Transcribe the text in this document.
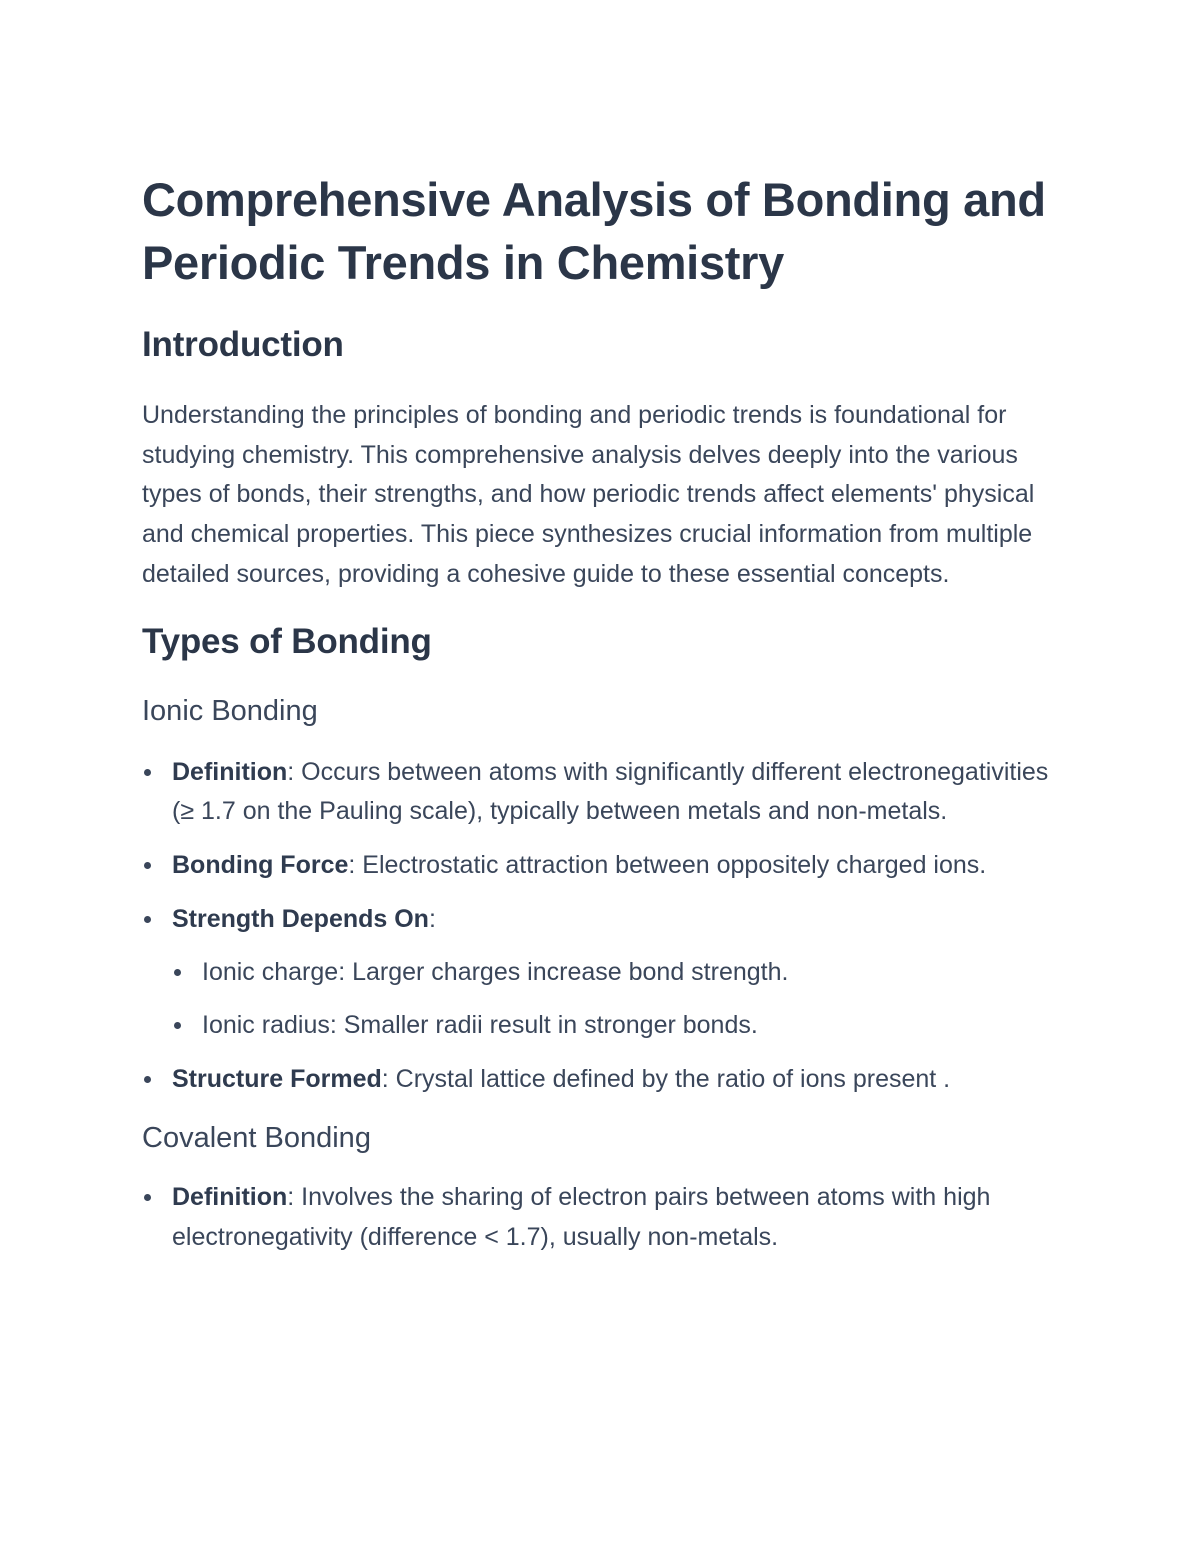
Comprehensive Analysis of Bonding and Periodic Trends in Chemistry
Introduction

Understanding the principles of bonding and periodic trends is foundational for studying chemistry. This comprehensive analysis delves deeply into the various types of bonds, their strengths, and how periodic trends affect elements' physical and chemical properties. This piece synthesizes crucial information from multiple detailed sources, providing a cohesive guide to these essential concepts.

Types of Bonding
Ionic Bonding
Definition: Occurs between atoms with significantly different electronegativities (≥ 1.7 on the Pauling scale), typically between metals and non-metals.
Bonding Force: Electrostatic attraction between oppositely charged ions.
Strength Depends On:
Ionic charge: Larger charges increase bond strength.
Ionic radius: Smaller radii result in stronger bonds.
Structure Formed: Crystal lattice defined by the ratio of ions present .
Covalent Bonding
Definition: Involves the sharing of electron pairs between atoms with high electronegativity (difference < 1.7), usually non-metals.
